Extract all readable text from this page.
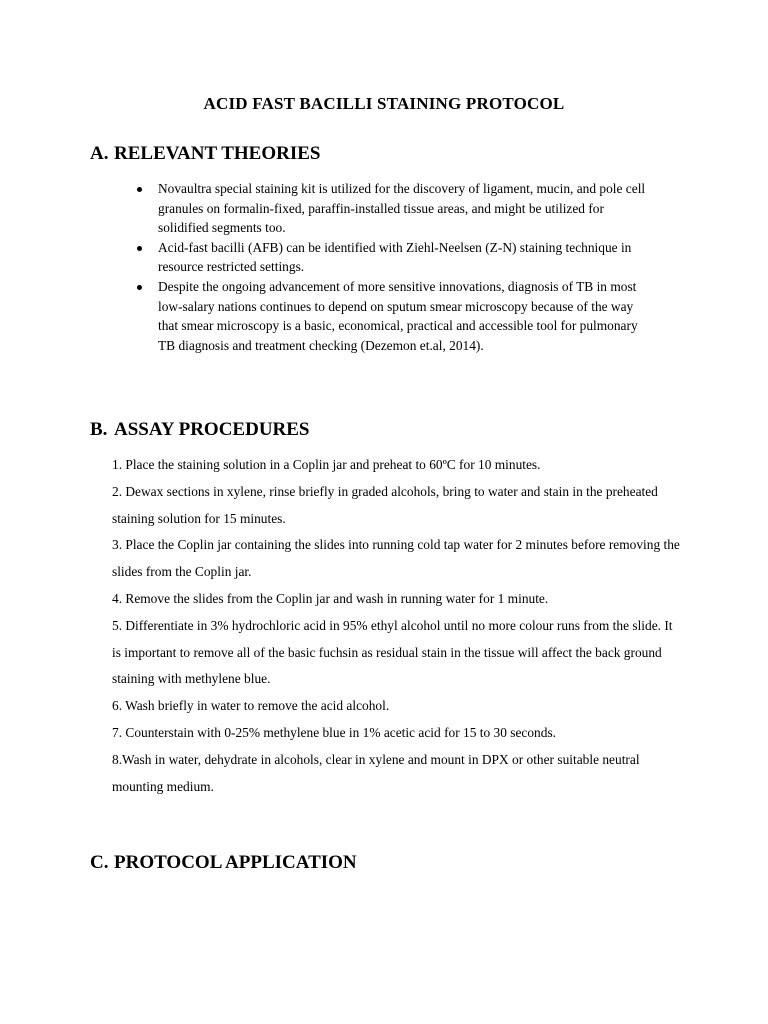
ACID FAST BACILLI STAINING PROTOCOL
A. RELEVANT THEORIES
Novaultra special staining kit is utilized for the discovery of ligament, mucin, and pole cell granules on formalin-fixed, paraffin-installed tissue areas, and might be utilized for solidified segments too.
Acid-fast bacilli (AFB) can be identified with Ziehl-Neelsen (Z-N) staining technique in resource restricted settings.
Despite the ongoing advancement of more sensitive innovations, diagnosis of TB in most low-salary nations continues to depend on sputum smear microscopy because of the way that smear microscopy is a basic, economical, practical and accessible tool for pulmonary TB diagnosis and treatment checking (Dezemon et.al, 2014).
B. ASSAY PROCEDURES

1. Place the staining solution in a Coplin jar and preheat to 60ºC for 10 minutes.

2. Dewax sections in xylene, rinse briefly in graded alcohols, bring to water and stain in the preheated staining solution for 15 minutes.

3. Place the Coplin jar containing the slides into running cold tap water for 2 minutes before removing the slides from the Coplin jar.

4. Remove the slides from the Coplin jar and wash in running water for 1 minute.

5. Differentiate in 3% hydrochloric acid in 95% ethyl alcohol until no more colour runs from the slide. It is important to remove all of the basic fuchsin as residual stain in the tissue will affect the back ground staining with methylene blue.

6. Wash briefly in water to remove the acid alcohol.

7. Counterstain with 0-25% methylene blue in 1% acetic acid for 15 to 30 seconds.

8.Wash in water, dehydrate in alcohols, clear in xylene and mount in DPX or other suitable neutral mounting medium.

C. PROTOCOL APPLICATION
